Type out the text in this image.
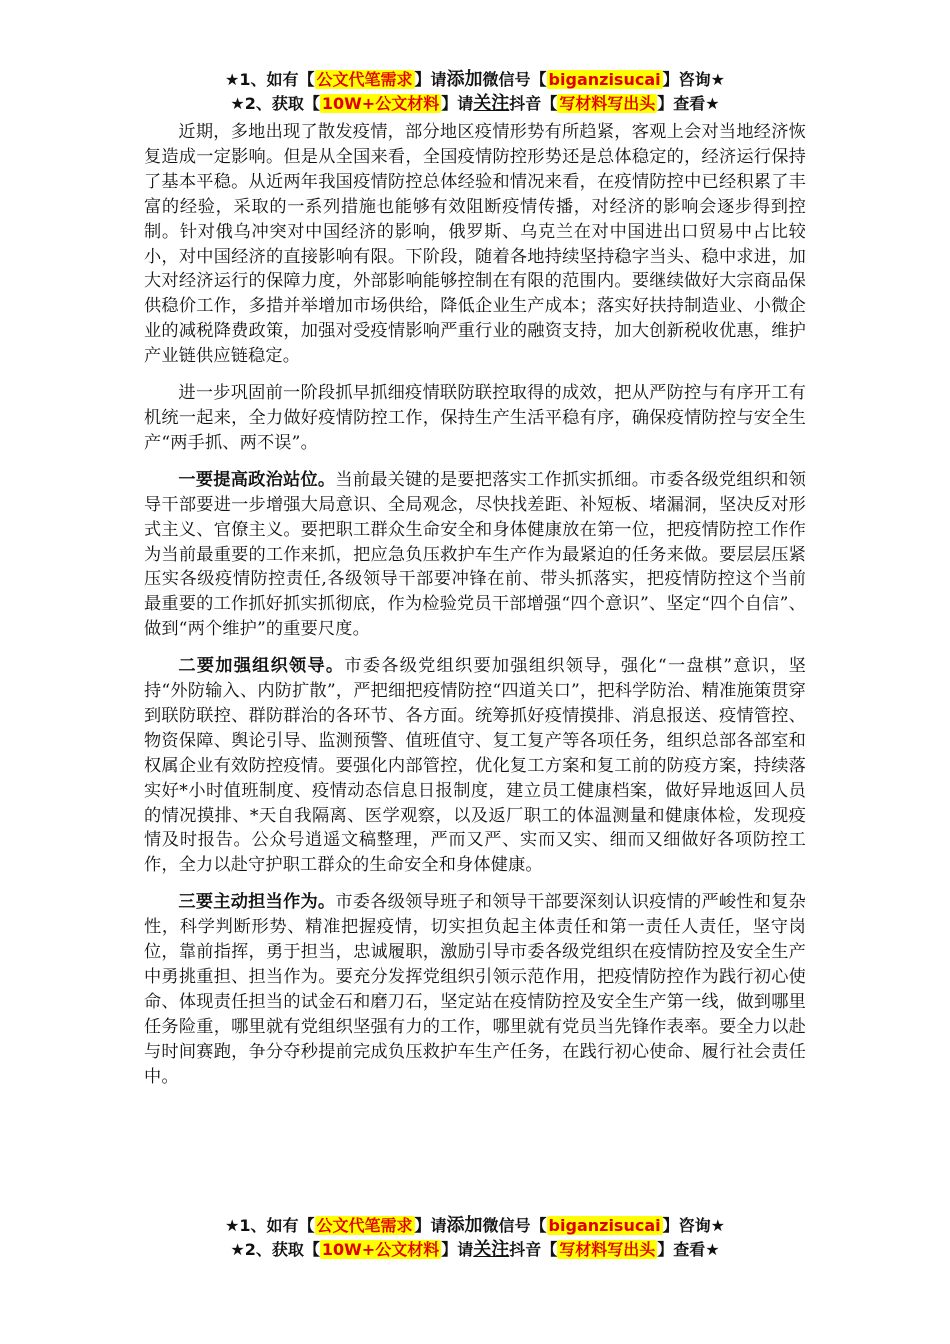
★1、如有【 公文代笔需求 】请添加微信号【 biganzisucai 】咨询★
★2、获取【 10W+公文材料 】请关注抖音【 写材料写出头 】查看★

近期，多地出现了散发疫情，部分地区疫情形势有所趋紧，客观上会对当地经济恢复造成一定影响。但是从全国来看，全国疫情防控形势还是总体稳定的，经济运行保持了基本平稳。从近两年我国疫情防控总体经验和情况来看，在疫情防控中已经积累了丰富的经验，采取的一系列措施也能够有效阻断疫情传播，对经济的影响会逐步得到控制。针对俄乌冲突对中国经济的影响，俄罗斯、乌克兰在对中国进出口贸易中占比较小，对中国经济的直接影响有限。下阶段，随着各地持续坚持稳字当头、稳中求进，加大对经济运行的保障力度，外部影响能够控制在有限的范围内。要继续做好大宗商品保供稳价工作，多措并举增加市场供给，降低企业生产成本；落实好扶持制造业、小微企业的减税降费政策，加强对受疫情影响严重行业的融资支持，加大创新税收优惠，维护产业链供应链稳定。

进一步巩固前一阶段抓早抓细疫情联防联控取得的成效，把从严防控与有序开工有机统一起来，全力做好疫情防控工作，保持生产生活平稳有序，确保疫情防控与安全生产“两手抓、两不误”。

一要提高政治站位。当前最关键的是要把落实工作抓实抓细。市委各级党组织和领导干部要进一步增强大局意识、全局观念，尽快找差距、补短板、堵漏洞，坚决反对形式主义、官僚主义。要把职工群众生命安全和身体健康放在第一位，把疫情防控工作作为当前最重要的工作来抓，把应急负压救护车生产作为最紧迫的任务来做。要层层压紧压实各级疫情防控责任,各级领导干部要冲锋在前、带头抓落实，把疫情防控这个当前最重要的工作抓好抓实抓彻底，作为检验党员干部增强“四个意识”、坚定“四个自信”、做到“两个维护”的重要尺度。

二要加强组织领导。市委各级党组织要加强组织领导，强化“一盘棋”意识，坚持“外防输入、内防扩散”，严把细把疫情防控“四道关口”，把科学防治、精准施策贯穿到联防联控、群防群治的各环节、各方面。统筹抓好疫情摸排、消息报送、疫情管控、物资保障、舆论引导、监测预警、值班值守、复工复产等各项任务，组织总部各部室和权属企业有效防控疫情。要强化内部管控，优化复工方案和复工前的防疫方案，持续落实好*小时值班制度、疫情动态信息日报制度，建立员工健康档案，做好异地返回人员的情况摸排、*天自我隔离、医学观察，以及返厂职工的体温测量和健康体检，发现疫情及时报告。公众号逍遥文稿整理，严而又严、实而又实、细而又细做好各项防控工作，全力以赴守护职工群众的生命安全和身体健康。

三要主动担当作为。市委各级领导班子和领导干部要深刻认识疫情的严峻性和复杂性，科学判断形势、精准把握疫情，切实担负起主体责任和第一责任人责任，坚守岗位，靠前指挥，勇于担当，忠诚履职，激励引导市委各级党组织在疫情防控及安全生产中勇挑重担、担当作为。要充分发挥党组织引领示范作用，把疫情防控作为践行初心使命、体现责任担当的试金石和磨刀石，坚定站在疫情防控及安全生产第一线，做到哪里任务险重，哪里就有党组织坚强有力的工作，哪里就有党员当先锋作表率。要全力以赴与时间赛跑，争分夺秒提前完成负压救护车生产任务，在践行初心使命、履行社会责任中。

★1、如有【 公文代笔需求 】请添加微信号【 biganzisucai 】咨询★
★2、获取【 10W+公文材料 】请关注抖音【 写材料写出头 】查看★
